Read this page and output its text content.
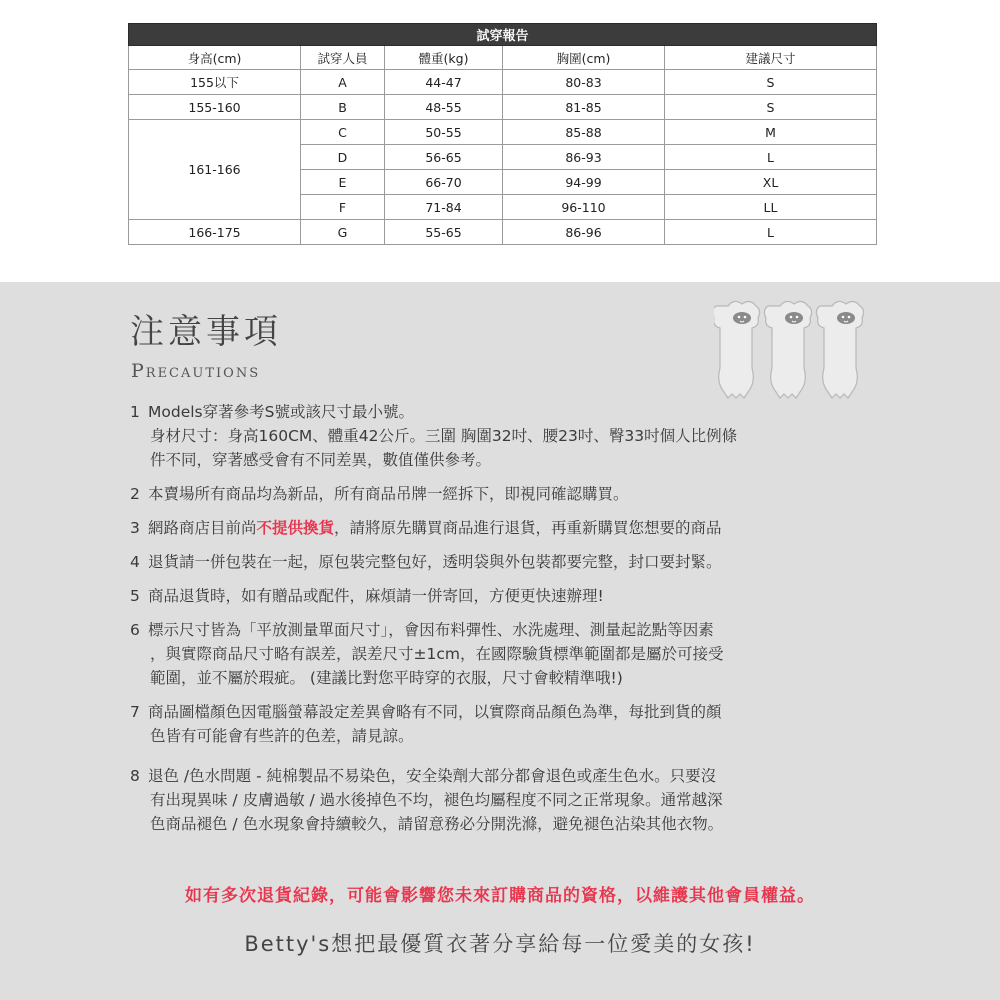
試穿報告				
身高(cm)	試穿人員	體重(kg)	胸圍(cm)	建議尺寸
155以下	A	44-47	80-83	S
155-160	B	48-55	81-85	S
161-166	C	50-55	85-88	M
	D	56-65	86-93	L
	E	66-70	94-99	XL
	F	71-84	96-110	LL
166-175	G	55-65	86-96	L
注意事項
Precautions
1 Models穿著參考S號或該尺寸最小號。
身材尺寸：身高160CM、體重42公斤。三圍 胸圍32吋、腰23吋、臀33吋個人比例條
件不同，穿著感受會有不同差異，數值僅供參考。
2 本賣場所有商品均為新品，所有商品吊牌一經拆下，即視同確認購買。
3 網路商店目前尚不提供換貨，請將原先購買商品進行退貨，再重新購買您想要的商品
4 退貨請一併包裝在一起，原包裝完整包好，透明袋與外包裝都要完整，封口要封緊。
5 商品退貨時，如有贈品或配件，麻煩請一併寄回，方便更快速辦理!
6 標示尺寸皆為「平放測量單面尺寸」，會因布料彈性、水洗處理、測量起訖點等因素
，與實際商品尺寸略有誤差，誤差尺寸±1cm，在國際驗貨標準範圍都是屬於可接受
範圍，並不屬於瑕疵。 (建議比對您平時穿的衣服，尺寸會較精準哦!)
7 商品圖檔顏色因電腦螢幕設定差異會略有不同，以實際商品顏色為準，每批到貨的顏
色皆有可能會有些許的色差，請見諒。
8 退色 /色水問題 - 純棉製品不易染色，安全染劑大部分都會退色或產生色水。只要沒
有出現異味 / 皮膚過敏 / 過水後掉色不均，褪色均屬程度不同之正常現象。通常越深
色商品褪色 / 色水現象會持續較久，請留意務必分開洗滌，避免褪色沾染其他衣物。
如有多次退貨紀錄，可能會影響您未來訂購商品的資格，以維護其他會員權益。
Betty's想把最優質衣著分享給每一位愛美的女孩!
